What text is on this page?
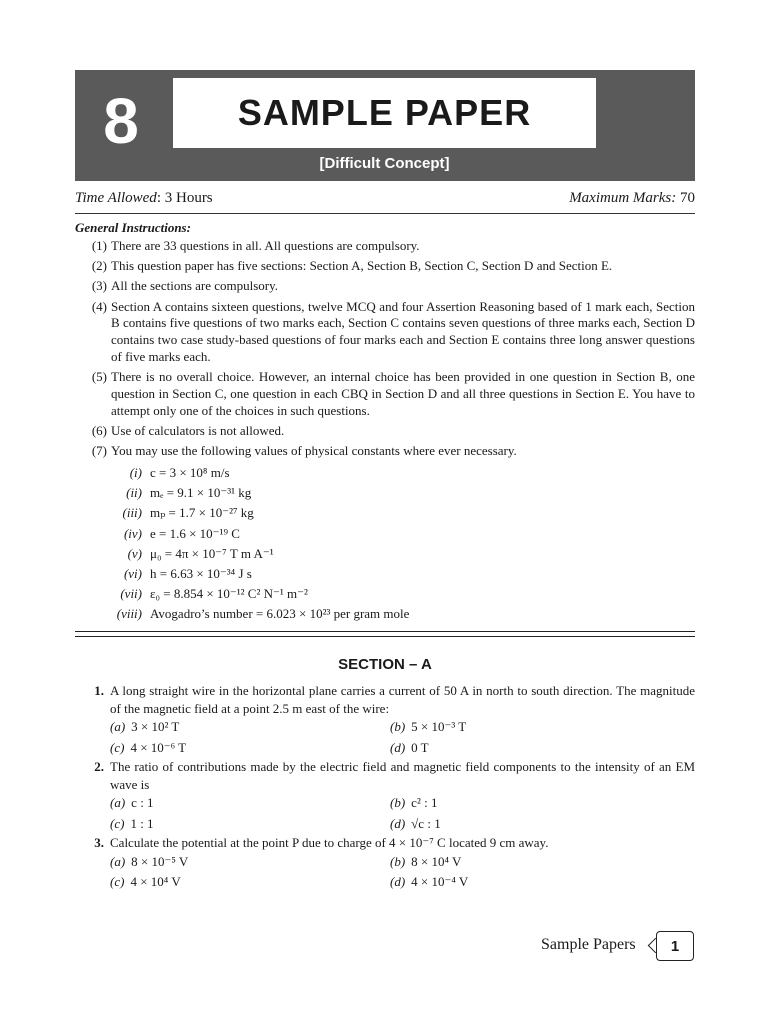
8	SAMPLE PAPER
[Difficult Concept]
Time Allowed: 3 Hours	Maximum Marks: 70
General Instructions:
(1) There are 33 questions in all. All questions are compulsory.
(2) This question paper has five sections: Section A, Section B, Section C, Section D and Section E.
(3) All the sections are compulsory.
(4) Section A contains sixteen questions, twelve MCQ and four Assertion Reasoning based of 1 mark each, Section B contains five questions of two marks each, Section C contains seven questions of three marks each, Section D contains two case study-based questions of four marks each and Section E contains three long answer questions of five marks each.
(5) There is no overall choice. However, an internal choice has been provided in one question in Section B, one question in Section C, one question in each CBQ in Section D and all three questions in Section E. You have to attempt only one of the choices in such questions.
(6) Use of calculators is not allowed.
(7) You may use the following values of physical constants where ever necessary.
(i) c = 3 × 10⁸ m/s
(ii) mₑ = 9.1 × 10⁻³¹ kg
(iii) mₚ = 1.7 × 10⁻²⁷ kg
(iv) e = 1.6 × 10⁻¹⁹ C
(v) μ₀ = 4π × 10⁻⁷ T m A⁻¹
(vi) h = 6.63 × 10⁻³⁴ J s
(vii) ε₀ = 8.854 × 10⁻¹² C² N⁻¹ m⁻²
(viii) Avogadro’s number = 6.023 × 10²³ per gram mole
SECTION – A
1. A long straight wire in the horizontal plane carries a current of 50 A in north to south direction. The magnitude of the magnetic field at a point 2.5 m east of the wire:
(a) 3 × 10² T	(b) 5 × 10⁻³ T
(c) 4 × 10⁻⁶ T	(d) 0 T
2. The ratio of contributions made by the electric field and magnetic field components to the intensity of an EM wave is
(a) c : 1	(b) c² : 1
(c) 1 : 1	(d) √c : 1
3. Calculate the potential at the point P due to charge of 4 × 10⁻⁷ C located 9 cm away.
(a) 8 × 10⁻⁵ V	(b) 8 × 10⁴ V
(c) 4 × 10⁴ V	(d) 4 × 10⁻⁴ V
Sample Papers	1
